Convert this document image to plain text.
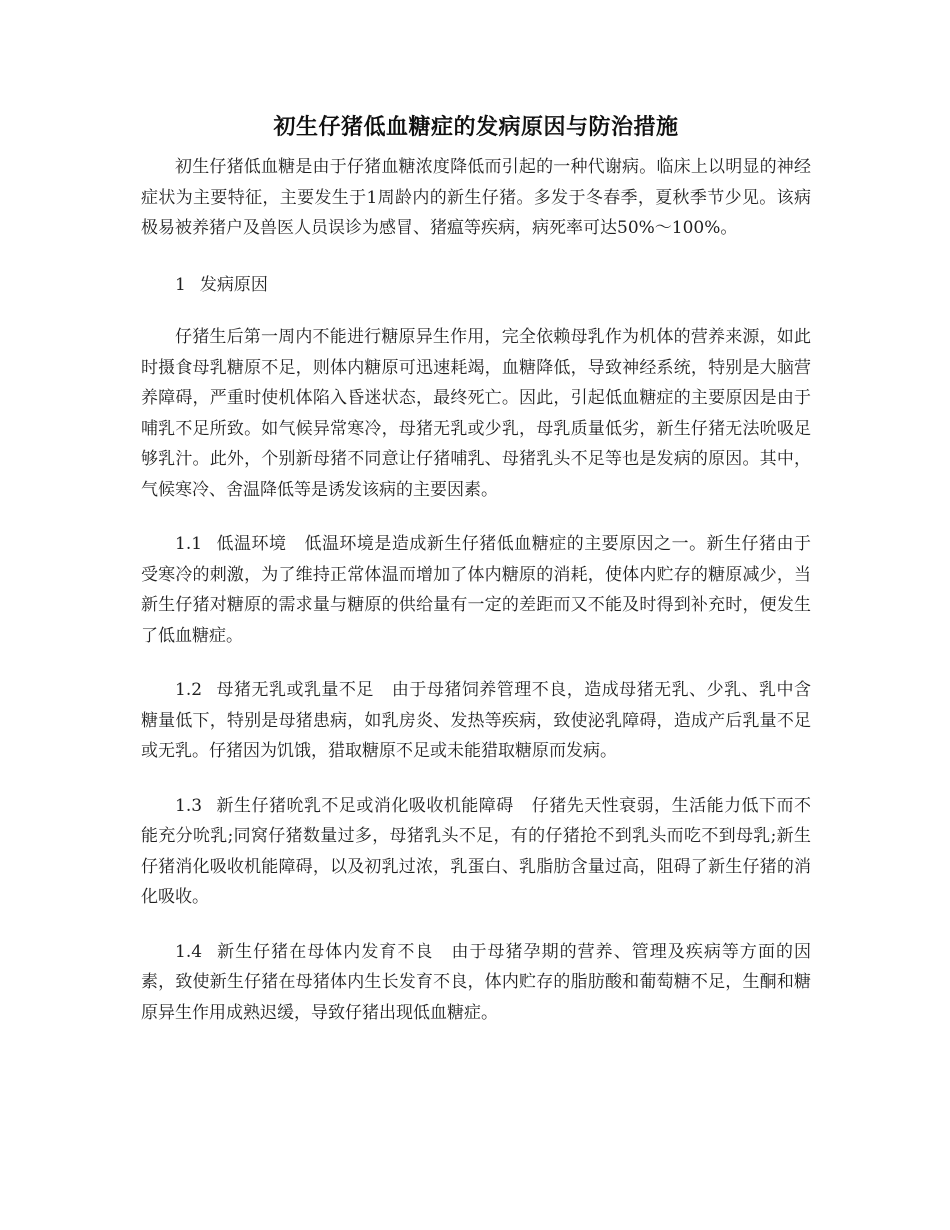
初生仔猪低血糖症的发病原因与防治措施

初生仔猪低血糖是由于仔猪血糖浓度降低而引起的一种代谢病。临床上以明显的神经症状为主要特征，主要发生于1周龄内的新生仔猪。多发于冬春季，夏秋季节少见。该病极易被养猪户及兽医人员误诊为感冒、猪瘟等疾病，病死率可达50%～100%。

1 发病原因

仔猪生后第一周内不能进行糖原异生作用，完全依赖母乳作为机体的营养来源，如此时摄食母乳糖原不足，则体内糖原可迅速耗竭，血糖降低，导致神经系统，特别是大脑营养障碍，严重时使机体陷入昏迷状态，最终死亡。因此，引起低血糖症的主要原因是由于哺乳不足所致。如气候异常寒冷，母猪无乳或少乳，母乳质量低劣，新生仔猪无法吮吸足够乳汁。此外，个别新母猪不同意让仔猪哺乳、母猪乳头不足等也是发病的原因。其中，气候寒冷、舍温降低等是诱发该病的主要因素。

1.1 低温环境 低温环境是造成新生仔猪低血糖症的主要原因之一。新生仔猪由于受寒冷的刺激，为了维持正常体温而增加了体内糖原的消耗，使体内贮存的糖原减少，当新生仔猪对糖原的需求量与糖原的供给量有一定的差距而又不能及时得到补充时，便发生了低血糖症。

1.2 母猪无乳或乳量不足 由于母猪饲养管理不良，造成母猪无乳、少乳、乳中含糖量低下，特别是母猪患病，如乳房炎、发热等疾病，致使泌乳障碍，造成产后乳量不足或无乳。仔猪因为饥饿，猎取糖原不足或未能猎取糖原而发病。

1.3 新生仔猪吮乳不足或消化吸收机能障碍 仔猪先天性衰弱，生活能力低下而不能充分吮乳;同窝仔猪数量过多，母猪乳头不足，有的仔猪抢不到乳头而吃不到母乳;新生仔猪消化吸收机能障碍，以及初乳过浓，乳蛋白、乳脂肪含量过高，阻碍了新生仔猪的消化吸收。

1.4 新生仔猪在母体内发育不良 由于母猪孕期的营养、管理及疾病等方面的因素，致使新生仔猪在母猪体内生长发育不良，体内贮存的脂肪酸和葡萄糖不足，生酮和糖原异生作用成熟迟缓，导致仔猪出现低血糖症。
